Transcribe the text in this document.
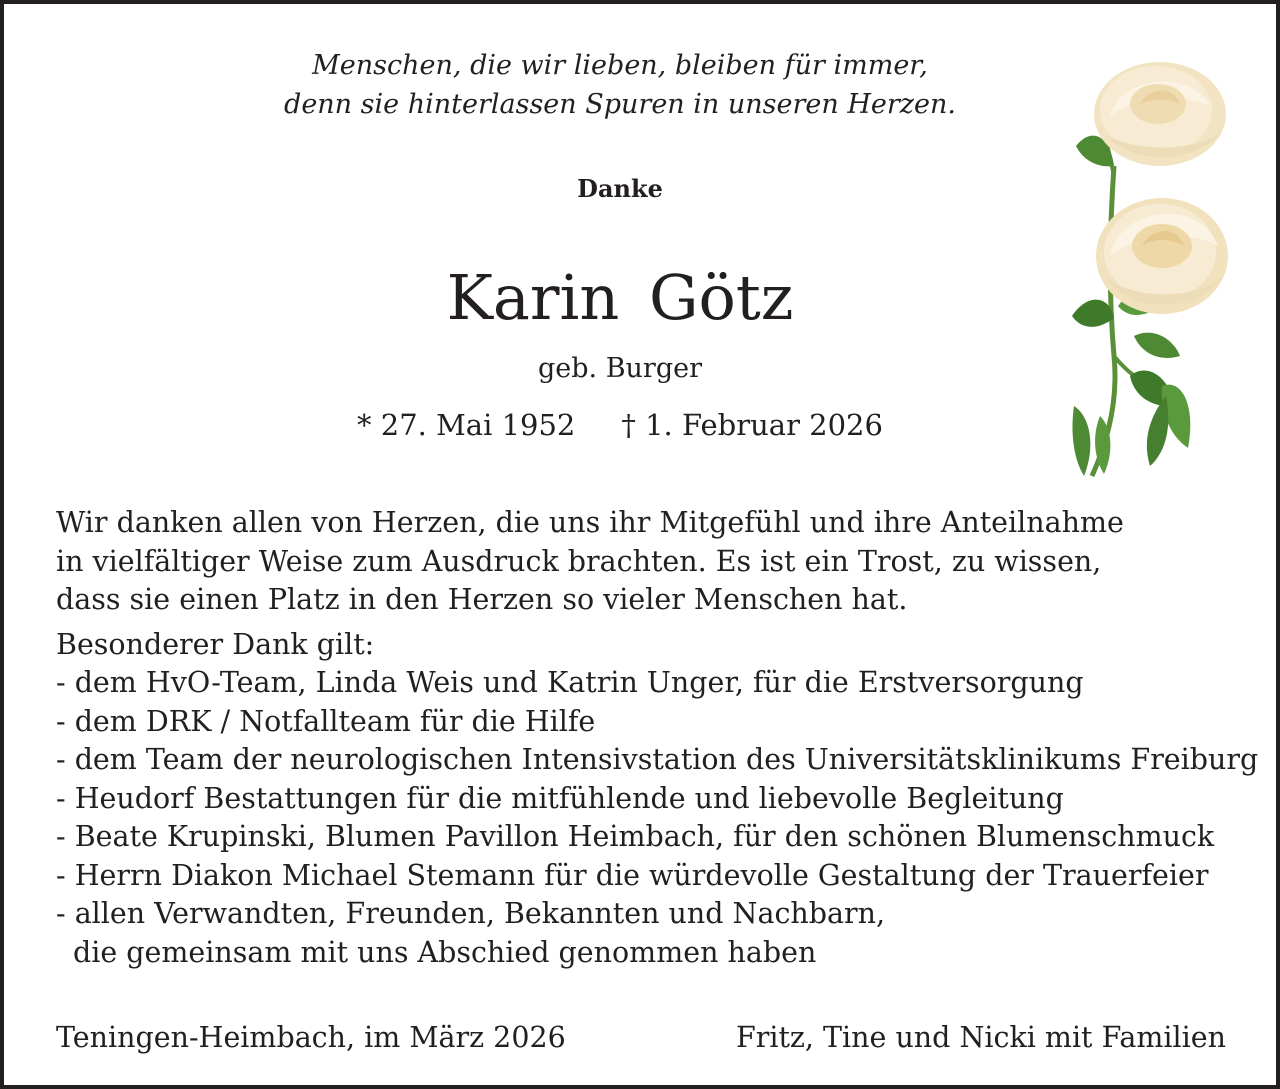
Menschen, die wir lieben, bleiben für immer,
denn sie hinterlassen Spuren in unseren Herzen.
Danke
Karin Götz
geb. Burger
* 27. Mai 1952 † 1. Februar 2026
Wir danken allen von Herzen, die uns ihr Mitgefühl und ihre Anteilnahme
in vielfältiger Weise zum Ausdruck brachten. Es ist ein Trost, zu wissen,
dass sie einen Platz in den Herzen so vieler Menschen hat.
Besonderer Dank gilt:
- dem HvO-Team, Linda Weis und Katrin Unger, für die Erstversorgung
- dem DRK / Notfallteam für die Hilfe
- dem Team der neurologischen Intensivstation des Universitätsklinikums Freiburg
- Heudorf Bestattungen für die mitfühlende und liebevolle Begleitung
- Beate Krupinski, Blumen Pavillon Heimbach, für den schönen Blumenschmuck
- Herrn Diakon Michael Stemann für die würdevolle Gestaltung der Trauerfeier
- allen Verwandten, Freunden, Bekannten und Nachbarn,
die gemeinsam mit uns Abschied genommen haben
Teningen-Heimbach, im März 2026	Fritz, Tine und Nicki mit Familien
